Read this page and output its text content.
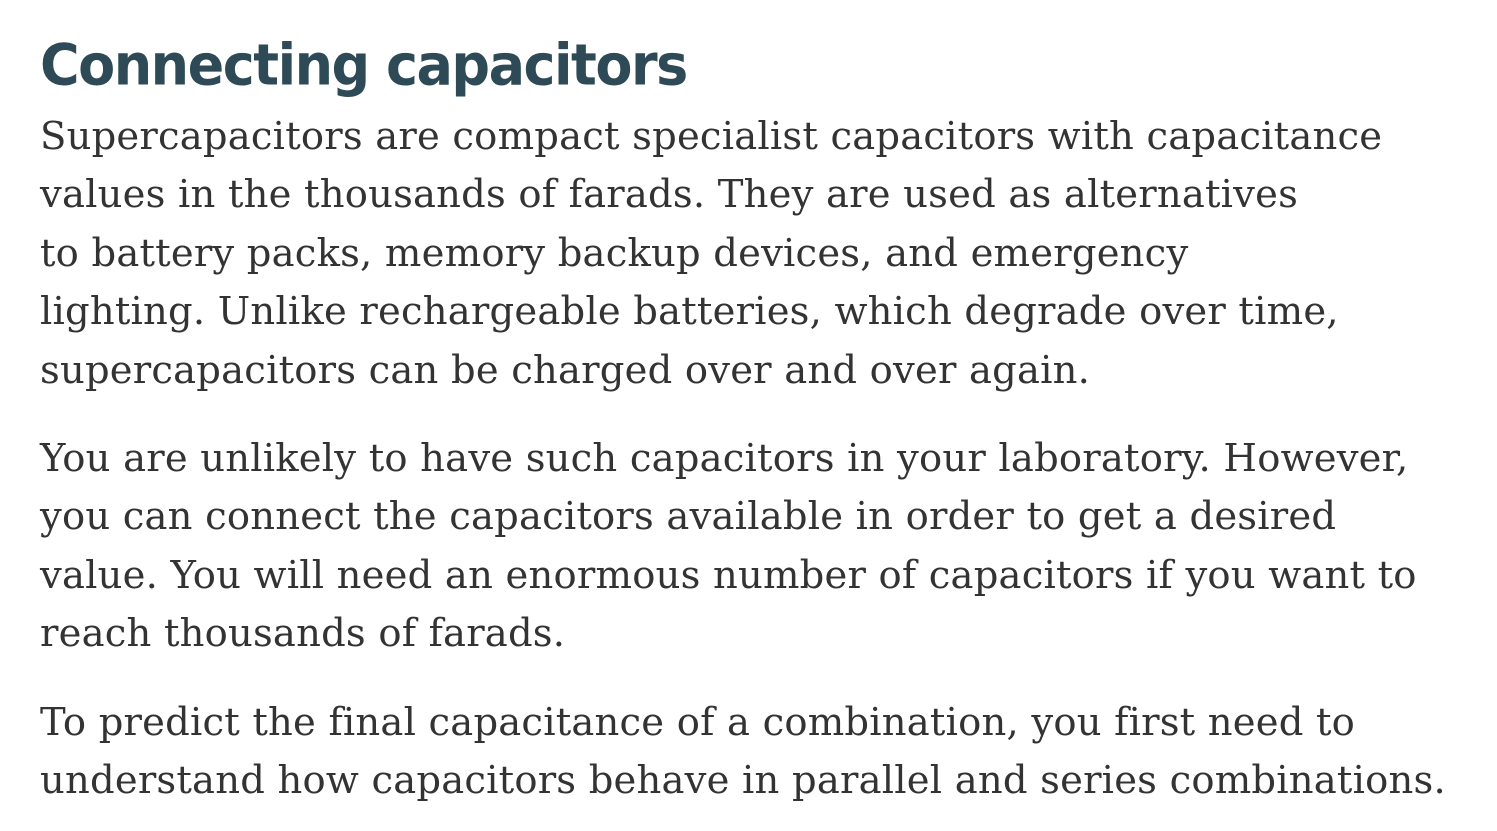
Connecting capacitors

Supercapacitors are compact specialist capacitors with capacitance
values in the thousands of farads. They are used as alternatives
to battery packs, memory backup devices, and emergency
lighting. Unlike rechargeable batteries, which degrade over time,
supercapacitors can be charged over and over again.

You are unlikely to have such capacitors in your laboratory. However,
you can connect the capacitors available in order to get a desired
value. You will need an enormous number of capacitors if you want to
reach thousands of farads.

To predict the final capacitance of a combination, you first need to
understand how capacitors behave in parallel and series combinations.
